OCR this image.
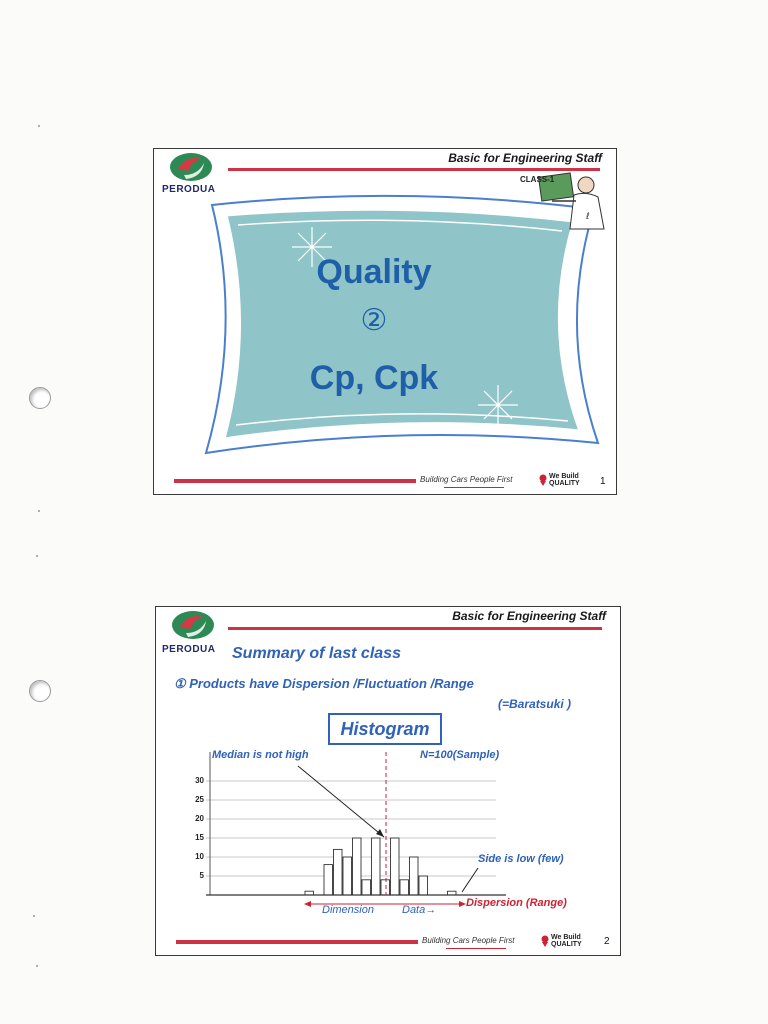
PERODUA
Basic for Engineering Staff
Quality
②
Cp, Cpk
ℓ
CLASS-1
Building Cars People First	We Build
QUALITY 1
PERODUA
Basic for Engineering Staff
Summary of last class
① Products have Dispersion /Fluctuation /Range
(=Baratsuki )
Histogram
Median is not high	N=100(Sample)
Side is low (few)
Dimension	Data→
Dispersion (Range)
Building Cars People First	We Build
QUALITY 2
30
25
20
15
10
5
